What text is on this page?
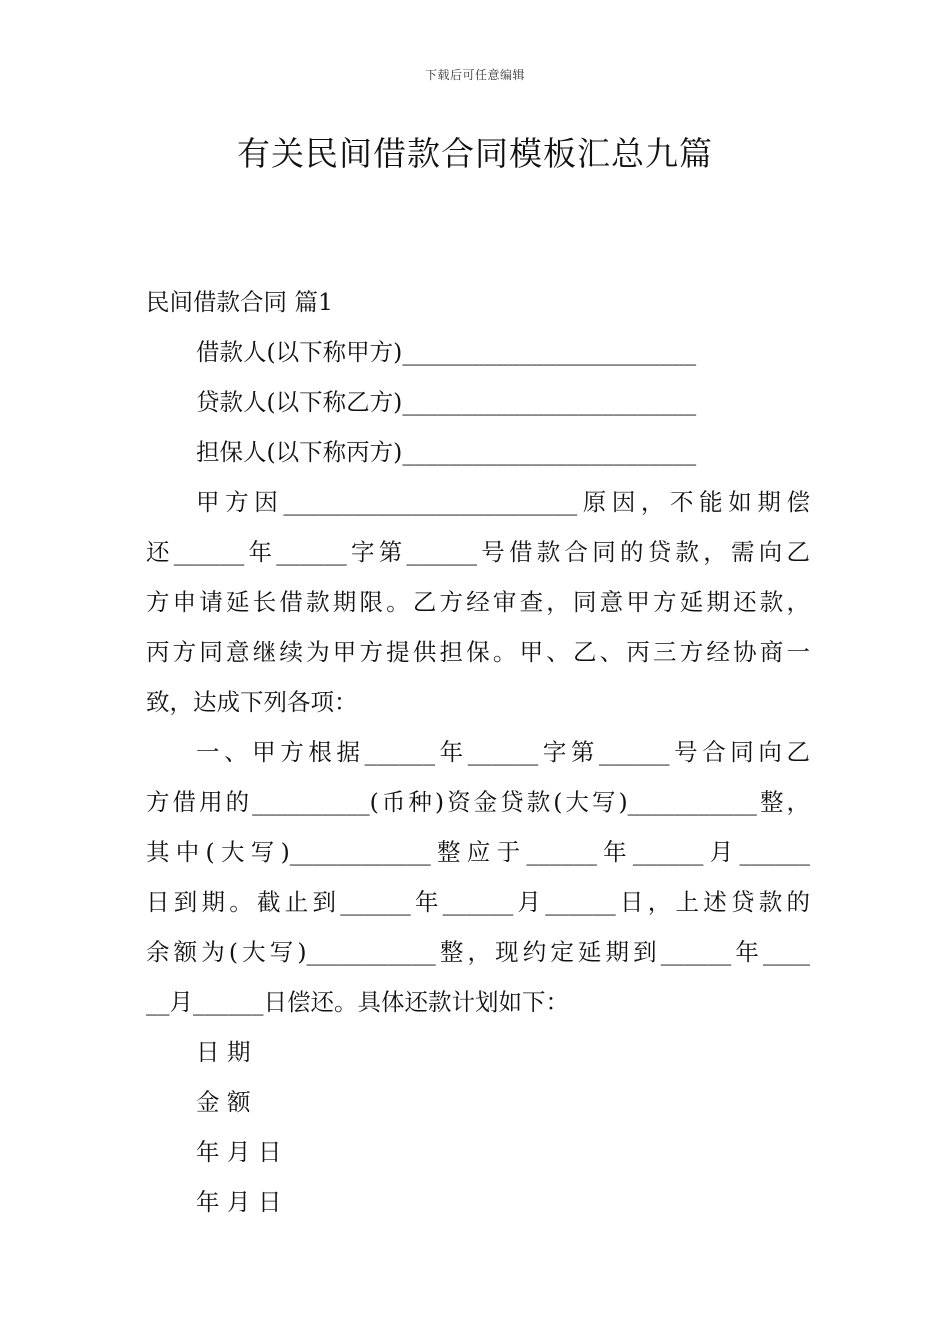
下载后可任意编辑
有关民间借款合同模板汇总九篇
民间借款合同 篇1
借款人(以下称甲方)_________________________
贷款人(以下称乙方)_________________________
担保人(以下称丙方)_________________________
甲方因_________________________原因，不能如期偿
还______年______字第______号借款合同的贷款，需向乙
方申请延长借款期限。乙方经审查，同意甲方延期还款，
丙方同意继续为甲方提供担保。甲、乙、丙三方经协商一
致，达成下列各项：
一、甲方根据______年______字第______号合同向乙
方借用的__________(币种)资金贷款(大写)___________整，
其中(大写)____________整应于______年______月______
日到期。截止到______年______月______日，上述贷款的
余额为(大写)___________整，现约定延期到______年____
__月______日偿还。具体还款计划如下：
日 期
金 额
年 月 日
年 月 日
